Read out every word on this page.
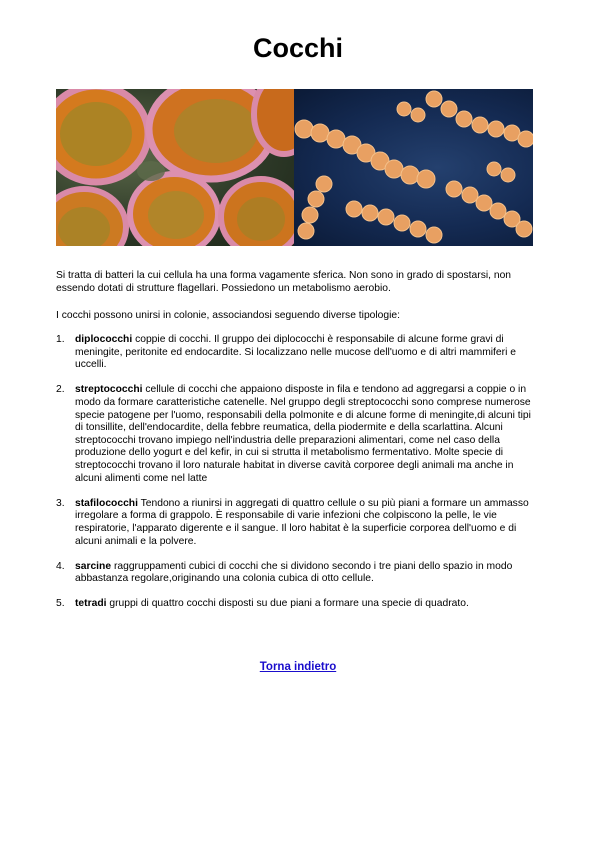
Cocchi

Si tratta di batteri la cui cellula ha una forma vagamente sferica. Non sono in grado di spostarsi, non essendo dotati di strutture flagellari. Possiedono un metabolismo aerobio.

I cocchi possono unirsi in colonie, associandosi seguendo diverse tipologie:

1. diplococchi coppie di cocchi. Il gruppo dei diplococchi è responsabile di alcune forme gravi di meningite, peritonite ed endocardite. Si localizzano nelle mucose dell'uomo e di altri mammiferi e uccelli.
2. streptococchi cellule di cocchi che appaiono disposte in fila e tendono ad aggregarsi a coppie o in modo da formare caratteristiche catenelle. Nel gruppo degli streptococchi sono comprese numerose specie patogene per l'uomo, responsabili della polmonite e di alcune forme di meningite,di alcuni tipi di tonsillite, dell'endocardite, della febbre reumatica, della piodermite e della scarlattina. Alcuni streptococchi trovano impiego nell'industria delle preparazioni alimentari, come nel caso della produzione dello yogurt e del kefir, in cui si strutta il metabolismo fermentativo. Molte specie di streptococchi trovano il loro naturale habitat in diverse cavità corporee degli animali ma anche in alcuni alimenti come nel latte
3. stafilococchi Tendono a riunirsi in aggregati di quattro cellule o su più piani a formare un ammasso irregolare a forma di grappolo. È responsabile di varie infezioni che colpiscono la pelle, le vie respiratorie, l'apparato digerente e il sangue. Il loro habitat è la superficie corporea dell'uomo e di alcuni animali e la polvere.
4. sarcine raggruppamenti cubici di cocchi che si dividono secondo i tre piani dello spazio in modo abbastanza regolare,originando una colonia cubica di otto cellule.
5. tetradi gruppi di quattro cocchi disposti su due piani a formare una specie di quadrato.
Torna indietro
